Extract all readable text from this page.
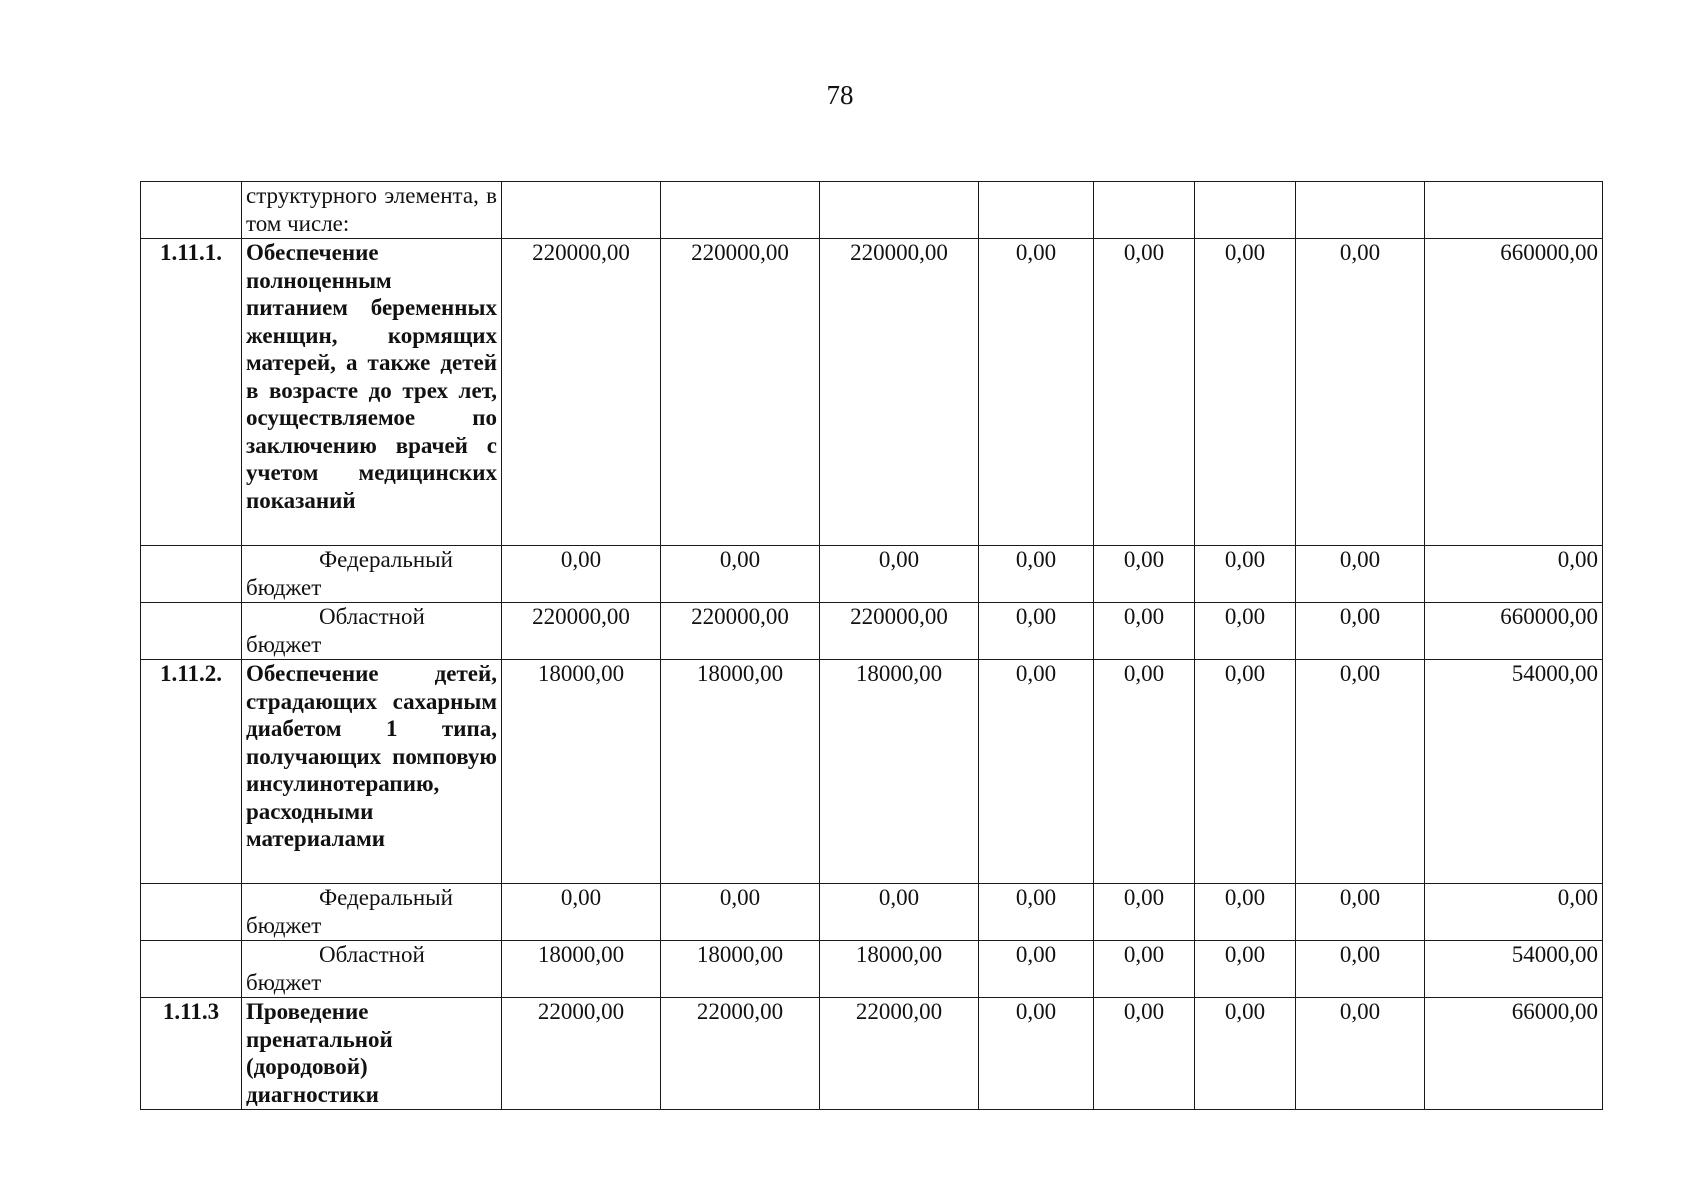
78
	структурного элемента, в том числе:								
1.11.1.	Обеспечение полноценным питанием беременных женщин, кормящих матерей, а также детей в возрасте до трех лет, осуществляемое по заключению врачей с учетом медицинских показаний	220000,00	220000,00	220000,00	0,00	0,00	0,00	0,00	660000,00

	Федеральный
бюджет	0,00	0,00	0,00	0,00	0,00	0,00	0,00	0,00

	Областной
бюджет	220000,00	220000,00	220000,00	0,00	0,00	0,00	0,00	660000,00
1.11.2.	Обеспечение детей, страдающих сахарным диабетом 1 типа, получающих помповую инсулинотерапию, расходными материалами	18000,00	18000,00	18000,00	0,00	0,00	0,00	0,00	54000,00

	Федеральный
бюджет	0,00	0,00	0,00	0,00	0,00	0,00	0,00	0,00

	Областной
бюджет	18000,00	18000,00	18000,00	0,00	0,00	0,00	0,00	54000,00
1.11.3	Проведение пренатальной (дородовой) диагностики	22000,00	22000,00	22000,00	0,00	0,00	0,00	0,00	66000,00
